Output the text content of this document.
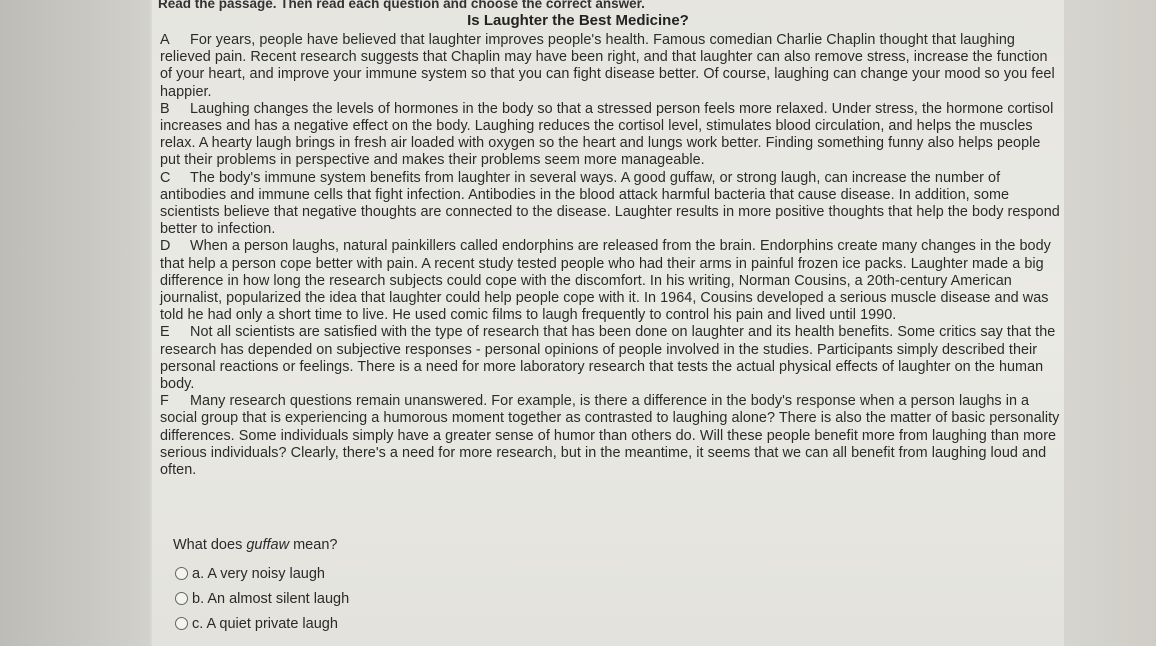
Read the passage. Then read each question and choose the correct answer.
Is Laughter the Best Medicine?

A For years, people have believed that laughter improves people's health. Famous comedian Charlie Chaplin thought that laughing relieved pain. Recent research suggests that Chaplin may have been right, and that laughter can also remove stress, increase the function of your heart, and improve your immune system so that you can fight disease better. Of course, laughing can change your mood so you feel happier.

B Laughing changes the levels of hormones in the body so that a stressed person feels more relaxed. Under stress, the hormone cortisol increases and has a negative effect on the body. Laughing reduces the cortisol level, stimulates blood circulation, and helps the muscles relax. A hearty laugh brings in fresh air loaded with oxygen so the heart and lungs work better. Finding something funny also helps people put their problems in perspective and makes their problems seem more manageable.

C The body's immune system benefits from laughter in several ways. A good guffaw, or strong laugh, can increase the number of antibodies and immune cells that fight infection. Antibodies in the blood attack harmful bacteria that cause disease. In addition, some scientists believe that negative thoughts are connected to the disease. Laughter results in more positive thoughts that help the body respond better to infection.

D When a person laughs, natural painkillers called endorphins are released from the brain. Endorphins create many changes in the body that help a person cope better with pain. A recent study tested people who had their arms in painful frozen ice packs. Laughter made a big difference in how long the research subjects could cope with the discomfort. In his writing, Norman Cousins, a 20th-century American journalist, popularized the idea that laughter could help people cope with it. In 1964, Cousins developed a serious muscle disease and was told he had only a short time to live. He used comic films to laugh frequently to control his pain and lived until 1990.

E Not all scientists are satisfied with the type of research that has been done on laughter and its health benefits. Some critics say that the research has depended on subjective responses - personal opinions of people involved in the studies. Participants simply described their personal reactions or feelings. There is a need for more laboratory research that tests the actual physical effects of laughter on the human body.

F Many research questions remain unanswered. For example, is there a difference in the body's response when a person laughs in a social group that is experiencing a humorous moment together as contrasted to laughing alone? There is also the matter of basic personality differences. Some individuals simply have a greater sense of humor than others do. Will these people benefit more from laughing than more serious individuals? Clearly, there's a need for more research, but in the meantime, it seems that we can all benefit from laughing loud and often.

What does guffaw mean?
a. A very noisy laugh
b. An almost silent laugh
c. A quiet private laugh
